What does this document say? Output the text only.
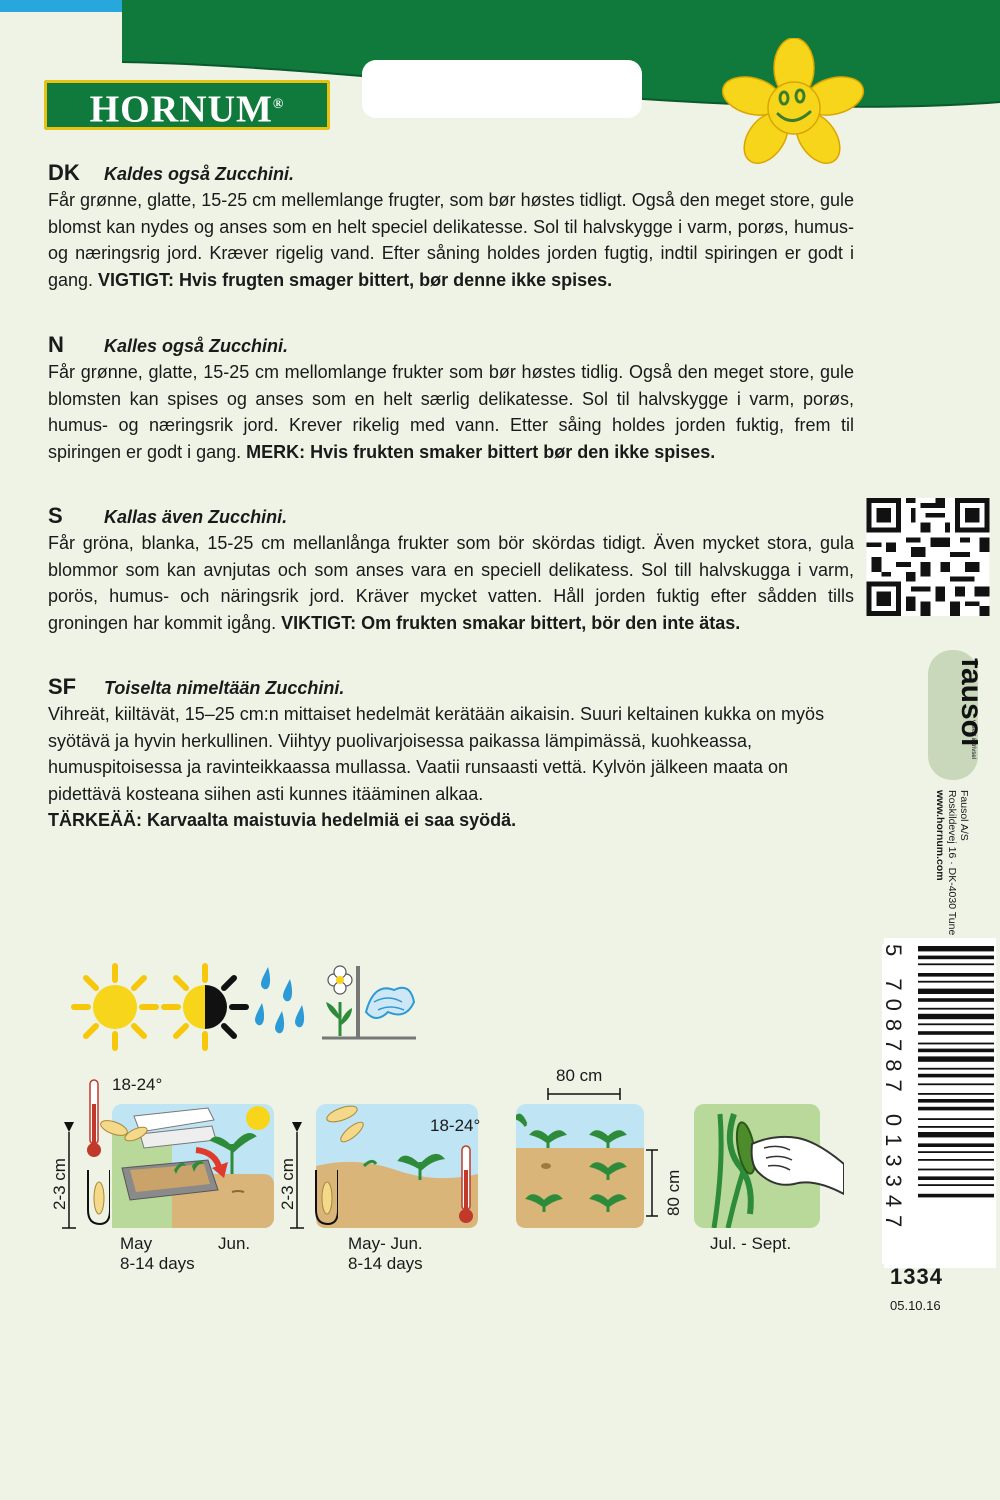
HORNUM®
DK	Kaldes også Zucchini.

Får grønne, glatte, 15-25 cm mellemlange frugter, som bør høstes tidligt. Også den meget store, gule blomst kan nydes og anses som en helt speciel delikatesse. Sol til halvskygge i varm, porøs, humus- og næringsrig jord. Kræver rigelig vand. Efter såning holdes jorden fugtig, indtil spiringen er godt i gang. VIGTIGT: Hvis frugten smager bittert, bør denne ikke spises.

N	Kalles også Zucchini.

Får grønne, glatte, 15-25 cm mellomlange frukter som bør høstes tidlig. Også den meget store, gule blomsten kan spises og anses som en helt særlig delikatesse. Sol til halvskygge i varm, porøs, humus- og næringsrik jord. Krever rikelig med vann. Etter såing holdes jorden fuktig, frem til spiringen er godt i gang. MERK: Hvis frukten smaker bittert bør den ikke spises.

S	Kallas även Zucchini.

Får gröna, blanka, 15-25 cm mellanlånga frukter som bör skördas tidigt. Även mycket stora, gula blommor som kan avnjutas och som anses vara en speciell delikatess. Sol till halvskugga i varm, porös, humus- och näringsrik jord. Kräver mycket vatten. Håll jorden fuktig efter sådden tills groningen har kommit igång. VIKTIGT: Om frukten smakar bittert, bör den inte ätas.

SF	Toiselta nimeltään Zucchini.

Vihreät, kiiltävät, 15–25 cm:n mittaiset hedelmät kerätään aikaisin. Suuri keltainen kukka on myös syötävä ja hyvin herkullinen. Viihtyy puolivarjoisessa paikassa lämpimässä, kuohkeassa, humuspitoisessa ja ravinteikkaassa mullassa. Vaatii runsaasti vettä. Kylvön jälkeen maata on pidettävä kosteana siihen asti kunnes itääminen alkaa.
TÄRKEÄÄ: Karvaalta maistuvia hedelmiä ei saa syödä.

fausol
vækst & trivsel
Fausol A/S
Roskildevej 16 · DK-4030 Tune
www.hornum.com
5 708787 013347
1334
05.10.16
18-24°
2-3 cm
May	Jun.
8-14 days
18-24°
2-3 cm
May- Jun.
8-14 days
80 cm
80 cm
Jul. - Sept.
